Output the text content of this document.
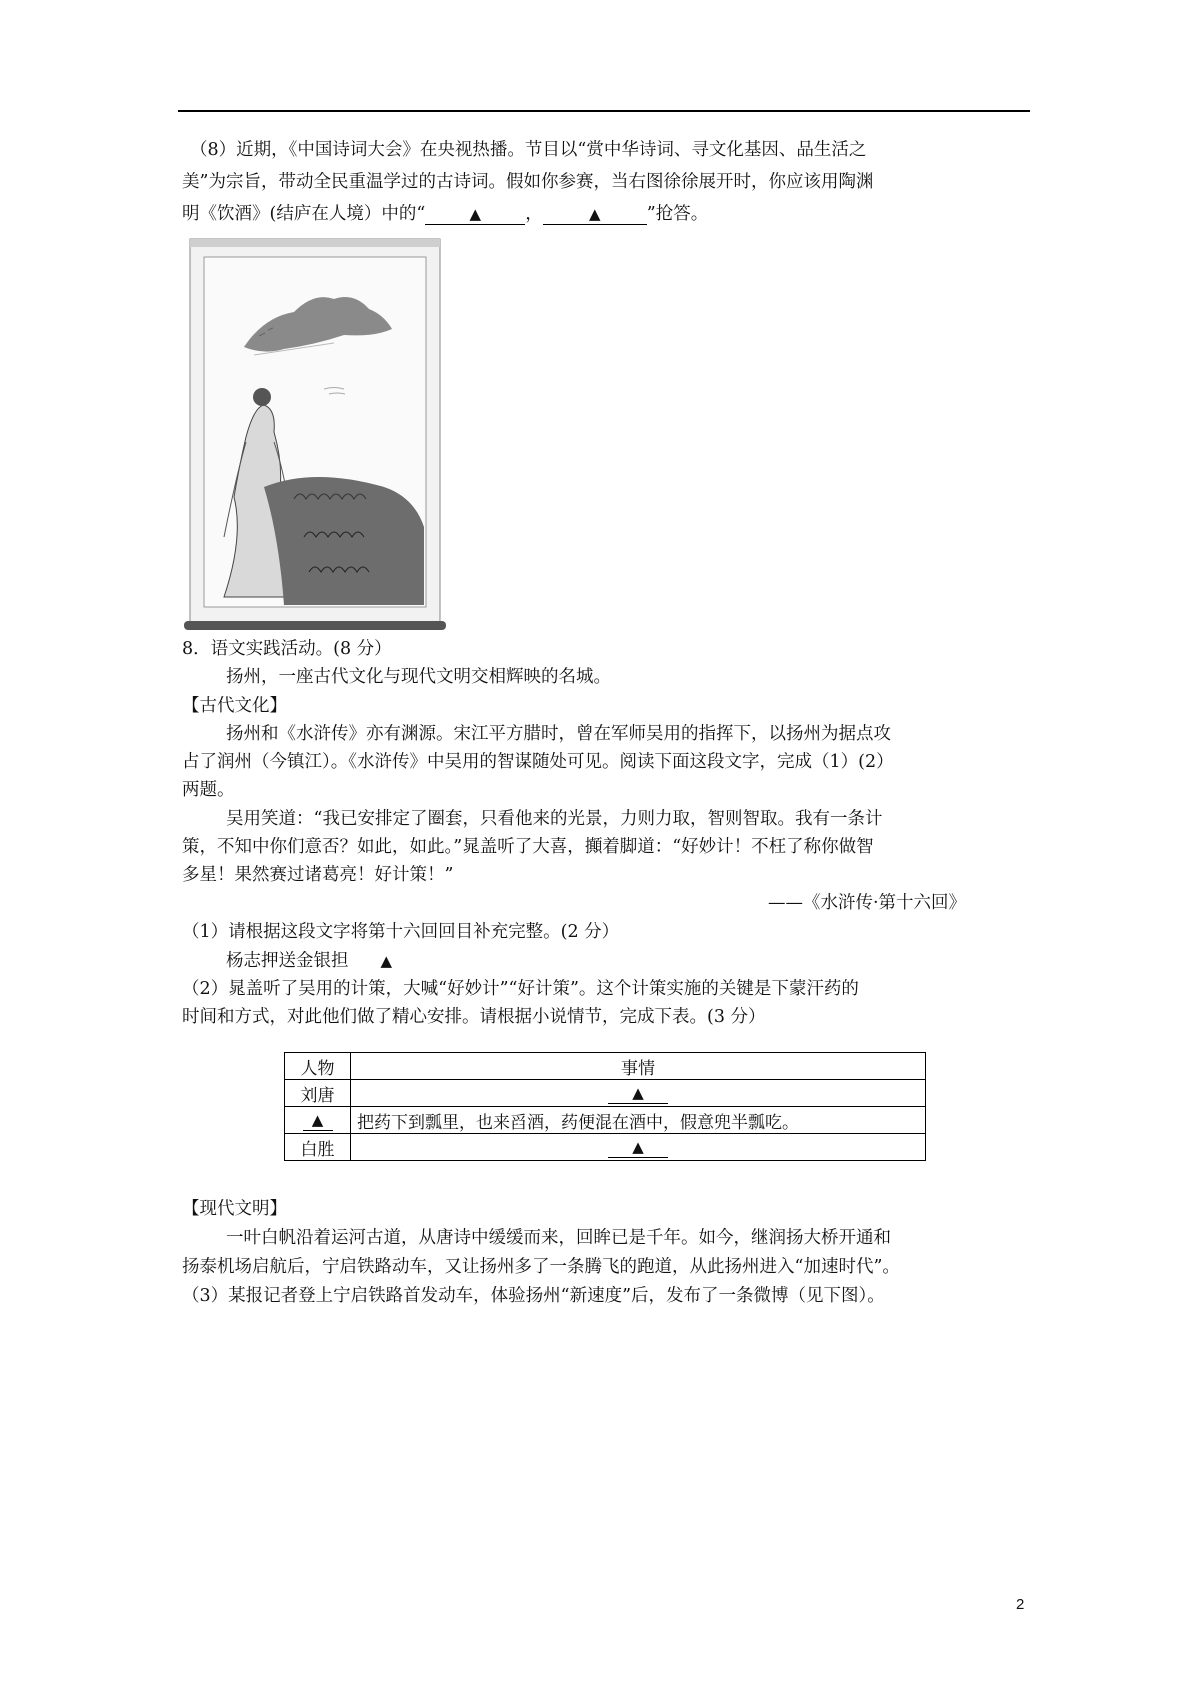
（8）近期，《中国诗词大会》在央视热播。节目以“赏中华诗词、寻文化基因、品生活之
美”为宗旨，带动全民重温学过的古诗词。假如你参赛，当右图徐徐展开时，你应该用陶渊
明《饮酒》(结庐在人境）中的“	▲	，	▲	”抢答。
8．语文实践活动。(8 分）
扬州，一座古代文化与现代文明交相辉映的名城。
【古代文化】
扬州和《水浒传》亦有渊源。宋江平方腊时，曾在军师吴用的指挥下，以扬州为据点攻
占了润州（今镇江）。《水浒传》中吴用的智谋随处可见。阅读下面这段文字，完成（1）(2）
两题。
吴用笑道：“我已安排定了圈套，只看他来的光景，力则力取，智则智取。我有一条计
策，不知中你们意否？如此，如此。”晁盖听了大喜，攧着脚道：“好妙计！不枉了称你做智
多星！果然赛过诸葛亮！好计策！”
——《水浒传·第十六回》
（1）请根据这段文字将第十六回回目补充完整。(2 分）
杨志押送金银担 ▲
（2）晁盖听了吴用的计策，大喊“好妙计”“好计策”。这个计策实施的关键是下蒙汗药的
时间和方式，对此他们做了精心安排。请根据小说情节，完成下表。(3 分）
人物	事情
刘唐	▲
▲	把药下到瓢里，也来舀酒，药便混在酒中，假意兜半瓢吃。
白胜	▲
【现代文明】
一叶白帆沿着运河古道，从唐诗中缓缓而来，回眸已是千年。如今，继润扬大桥开通和
扬泰机场启航后，宁启铁路动车，又让扬州多了一条腾飞的跑道，从此扬州进入“加速时代”。
（3）某报记者登上宁启铁路首发动车，体验扬州“新速度”后，发布了一条微博（见下图）。
2
